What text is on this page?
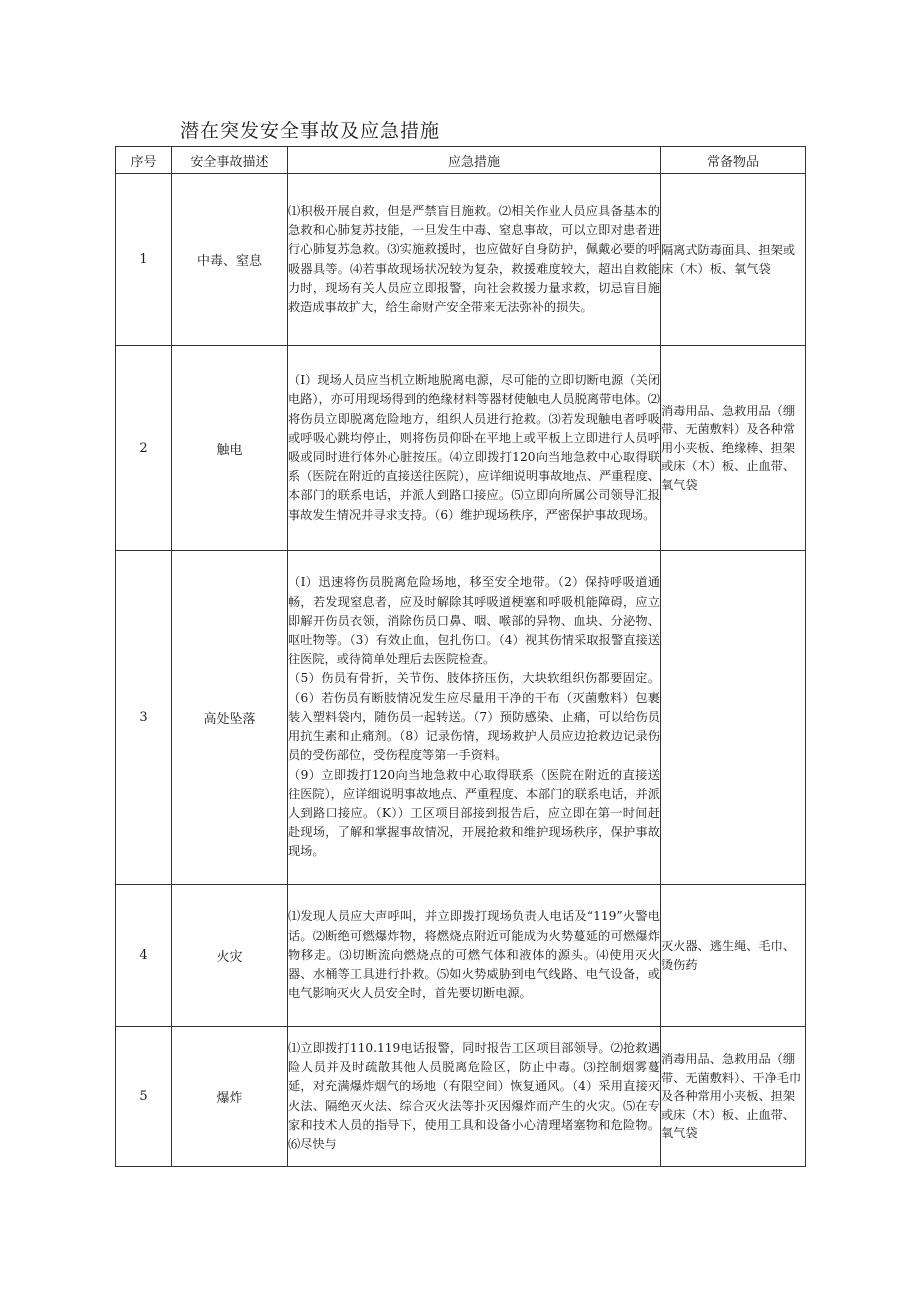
潜在突发安全事故及应急措施
序号	安全事故描述	应急措施	常备物品
1	中毒、窒息	⑴积极开展自救，但是严禁盲目施救。⑵相关作业人员应具备基本的急救和心肺复苏技能，一旦发生中毒、窒息事故，可以立即对患者进行心肺复苏急救。⑶实施救援时，也应做好自身防护，佩戴必要的呼吸器具等。⑷若事故现场状况较为复杂，救援难度较大，超出自救能力时，现场有关人员应立即报警，向社会救援力量求救，切忌盲目施救造成事故扩大，给生命财产安全带来无法弥补的损失。	隔离式防毒面具、担架或床（木）板、氧气袋
2	触电	（I）现场人员应当机立断地脱离电源，尽可能的立即切断电源（关闭电路），亦可用现场得到的绝缘材料等器材使触电人员脱离带电体。⑵将伤员立即脱离危险地方，组织人员进行抢救。⑶若发现触电者呼吸或呼吸心跳均停止，则将伤员仰卧在平地上或平板上立即进行人员呼吸或同时进行体外心脏按压。⑷立即拨打120向当地急救中心取得联系（医院在附近的直接送往医院），应详细说明事故地点、严重程度、本部门的联系电话，并派人到路口接应。⑸立即向所属公司领导汇报事故发生情况并寻求支持。（6）维护现场秩序，严密保护事故现场。	消毒用品、急救用品（绷带、无菌敷料）及各种常用小夹板、绝缘棒、担架或床（木）板、止血带、氧气袋
3	高处坠落	（I）迅速将伤员脱离危险场地，移至安全地带。（2）保持呼吸道通畅，若发现窒息者，应及时解除其呼吸道梗塞和呼吸机能障碍，应立即解开伤员衣领，消除伤员口鼻、咽、喉部的异物、血块、分泌物、呕吐物等。（3）有效止血，包扎伤口。（4）视其伤情采取报警直接送往医院，或待简单处理后去医院检查。

（5）伤员有骨折，关节伤、肢体挤压伤，大块软组织伤都要固定。（6）若伤员有断肢情况发生应尽量用干净的干布（灭菌敷料）包裹装入塑料袋内，随伤员一起转送。（7）预防感染、止痛，可以给伤员用抗生素和止痛剂。（8）记录伤情，现场救护人员应边抢救边记录伤员的受伤部位，受伤程度等第一手资料。

（9）立即拨打120向当地急救中心取得联系（医院在附近的直接送往医院），应详细说明事故地点、严重程度、本部门的联系电话，并派人到路口接应。（K））工区项目部接到报告后，应立即在第一时间赶赴现场，了解和掌握事故情况，开展抢救和维护现场秩序，保护事故现场。	

4	火灾	⑴发现人员应大声呼叫，并立即拨打现场负责人电话及“119”火警电话。⑵断绝可燃爆炸物，将燃烧点附近可能成为火势蔓延的可燃爆炸物移走。⑶切断流向燃烧点的可燃气体和液体的源头。⑷使用灭火器、水桶等工具进行扑救。⑸如火势威胁到电气线路、电气设备，或电气影响灭火人员安全时，首先要切断电源。	灭火器、逃生绳、毛巾、烫伤药
5	爆炸	⑴立即拨打110.119电话报警，同时报告工区项目部领导。⑵抢救遇险人员并及时疏散其他人员脱离危险区，防止中毒。⑶控制烟雾蔓延，对充满爆炸烟气的场地（有限空间）恢复通风。（4）采用直接灭火法、隔绝灭火法、综合灭火法等扑灭因爆炸而产生的火灾。⑸在专家和技术人员的指导下，使用工具和设备小心清理堵塞物和危险物。⑹尽快与	消毒用品、急救用品（绷带、无菌敷料）、干净毛巾及各种常用小夹板、担架或床（木）板、止血带、氧气袋
